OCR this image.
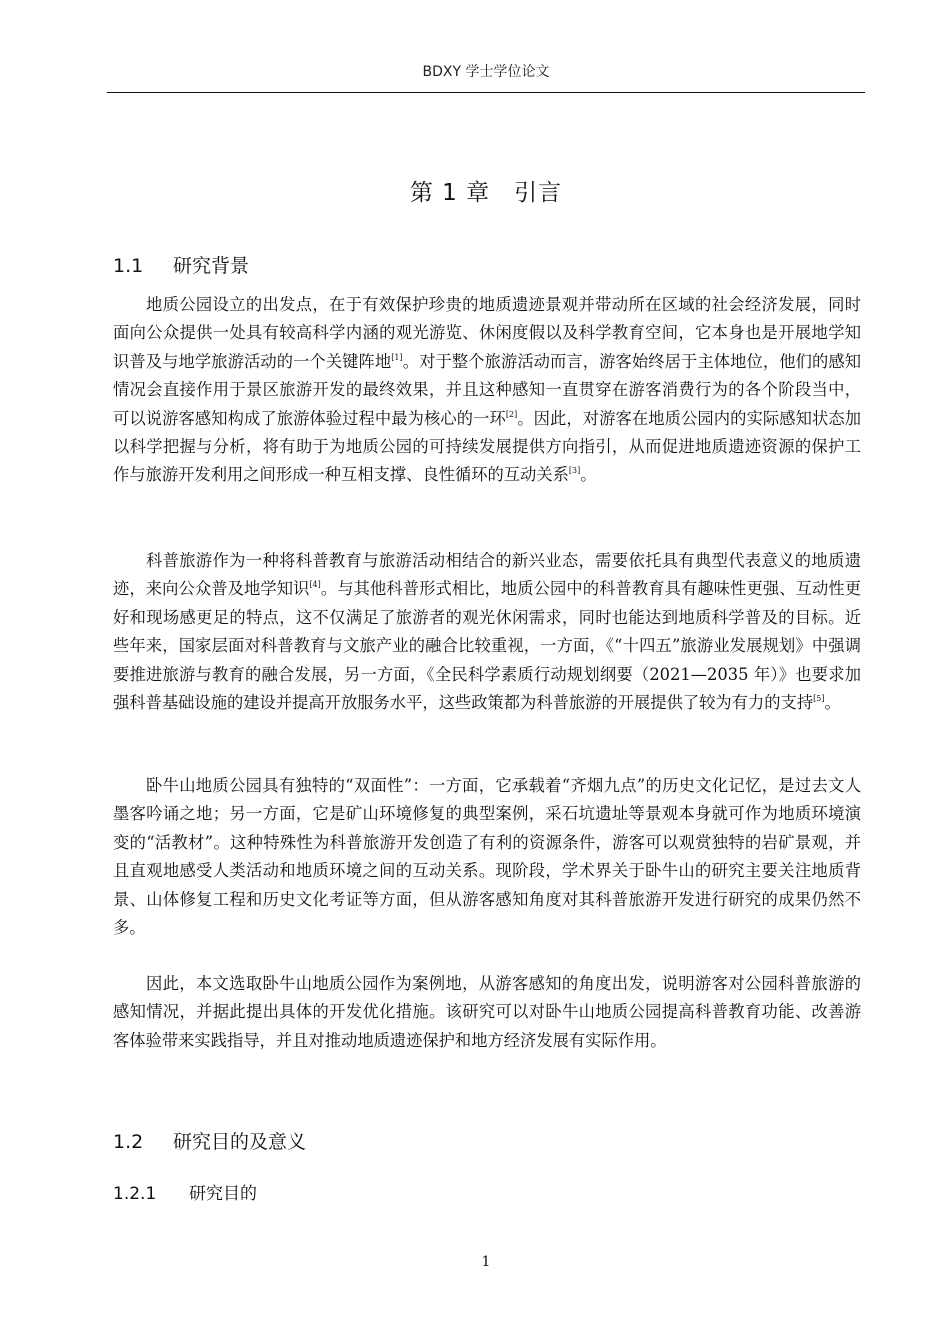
BDXY 学士学位论文
第 1 章 引言
1.1 研究背景

地质公园设立的出发点，在于有效保护珍贵的地质遗迹景观并带动所在区域的社会经济发展，同时面向公众提供一处具有较高科学内涵的观光游览、休闲度假以及科学教育空间，它本身也是开展地学知识普及与地学旅游活动的一个关键阵地[1]。对于整个旅游活动而言，游客始终居于主体地位，他们的感知情况会直接作用于景区旅游开发的最终效果，并且这种感知一直贯穿在游客消费行为的各个阶段当中，可以说游客感知构成了旅游体验过程中最为核心的一环[2]。因此，对游客在地质公园内的实际感知状态加以科学把握与分析，将有助于为地质公园的可持续发展提供方向指引，从而促进地质遗迹资源的保护工作与旅游开发利用之间形成一种互相支撑、良性循环的互动关系[3]。

科普旅游作为一种将科普教育与旅游活动相结合的新兴业态，需要依托具有典型代表意义的地质遗迹，来向公众普及地学知识[4]。与其他科普形式相比，地质公园中的科普教育具有趣味性更强、互动性更好和现场感更足的特点，这不仅满足了旅游者的观光休闲需求，同时也能达到地质科学普及的目标。近些年来，国家层面对科普教育与文旅产业的融合比较重视，一方面，《“十四五”旅游业发展规划》中强调要推进旅游与教育的融合发展，另一方面，《全民科学素质行动规划纲要（2021—2035 年）》也要求加强科普基础设施的建设并提高开放服务水平，这些政策都为科普旅游的开展提供了较为有力的支持[5]。

卧牛山地质公园具有独特的“双面性”：一方面，它承载着“齐烟九点”的历史文化记忆，是过去文人墨客吟诵之地；另一方面，它是矿山环境修复的典型案例，采石坑遗址等景观本身就可作为地质环境演变的“活教材”。这种特殊性为科普旅游开发创造了有利的资源条件，游客可以观赏独特的岩矿景观，并且直观地感受人类活动和地质环境之间的互动关系。现阶段，学术界关于卧牛山的研究主要关注地质背景、山体修复工程和历史文化考证等方面，但从游客感知角度对其科普旅游开发进行研究的成果仍然不多。

因此，本文选取卧牛山地质公园作为案例地，从游客感知的角度出发，说明游客对公园科普旅游的感知情况，并据此提出具体的开发优化措施。该研究可以对卧牛山地质公园提高科普教育功能、改善游客体验带来实践指导，并且对推动地质遗迹保护和地方经济发展有实际作用。

1.2 研究目的及意义
1.2.1 研究目的
1
